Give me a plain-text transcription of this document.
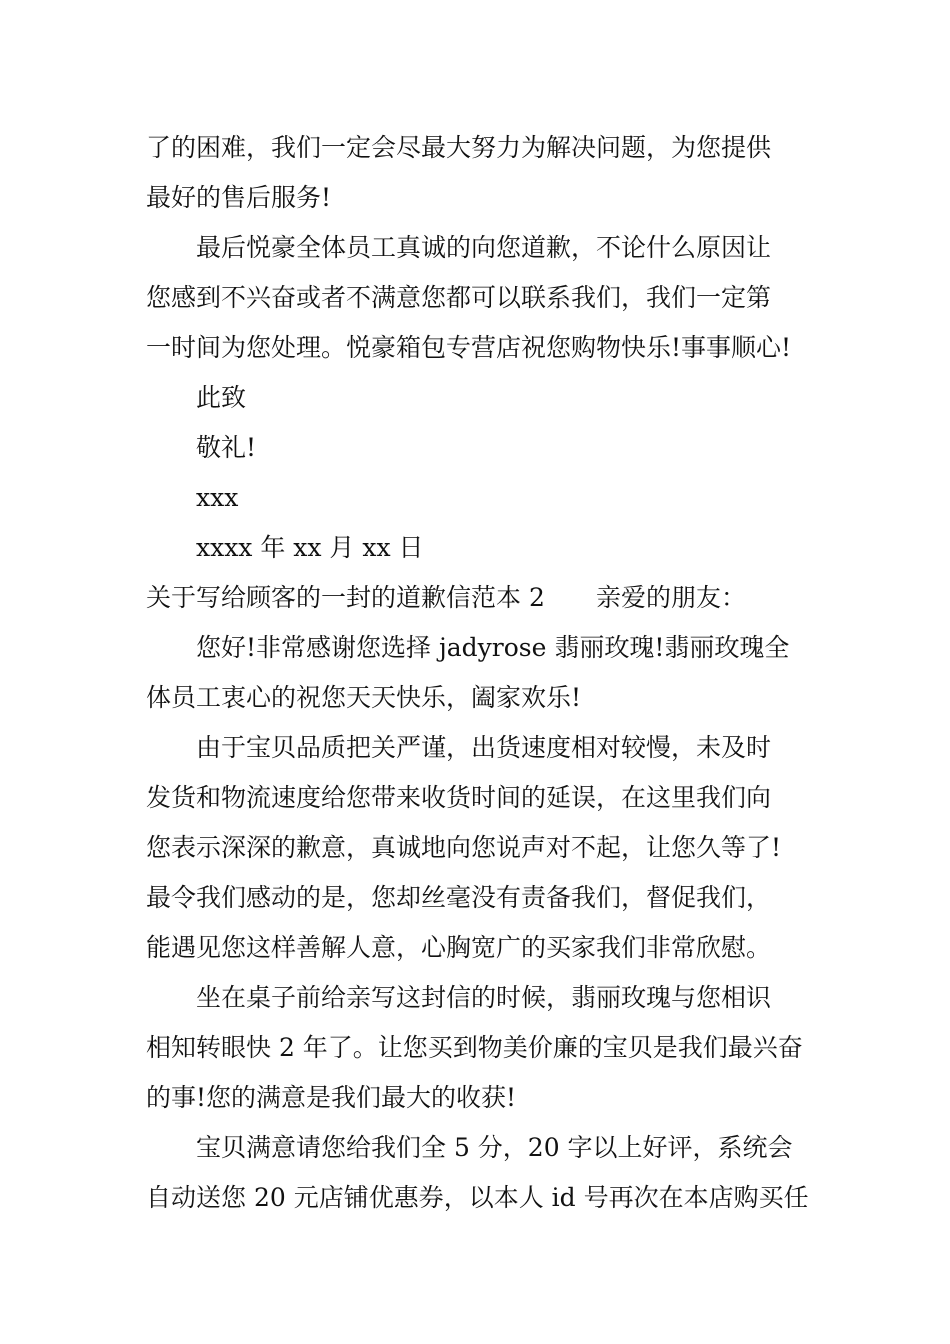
了的困难，我们一定会尽最大努力为解决问题，为您提供
最好的售后服务!
最后悦豪全体员工真诚的向您道歉，不论什么原因让
您感到不兴奋或者不满意您都可以联系我们，我们一定第
一时间为您处理。悦豪箱包专营店祝您购物快乐!事事顺心!
此致
敬礼!
xxx
xxxx 年 xx 月 xx 日
关于写给顾客的一封的道歉信范本 2 亲爱的朋友：
您好!非常感谢您选择 jadyrose 翡丽玫瑰!翡丽玫瑰全
体员工衷心的祝您天天快乐，阖家欢乐!
由于宝贝品质把关严谨，出货速度相对较慢，未及时
发货和物流速度给您带来收货时间的延误，在这里我们向
您表示深深的歉意，真诚地向您说声对不起，让您久等了!
最令我们感动的是，您却丝毫没有责备我们，督促我们，
能遇见您这样善解人意，心胸宽广的买家我们非常欣慰。
坐在桌子前给亲写这封信的时候，翡丽玫瑰与您相识
相知转眼快 2 年了。让您买到物美价廉的宝贝是我们最兴奋
的事!您的满意是我们最大的收获!
宝贝满意请您给我们全 5 分，20 字以上好评，系统会
自动送您 20 元店铺优惠券，以本人 id 号再次在本店购买任
